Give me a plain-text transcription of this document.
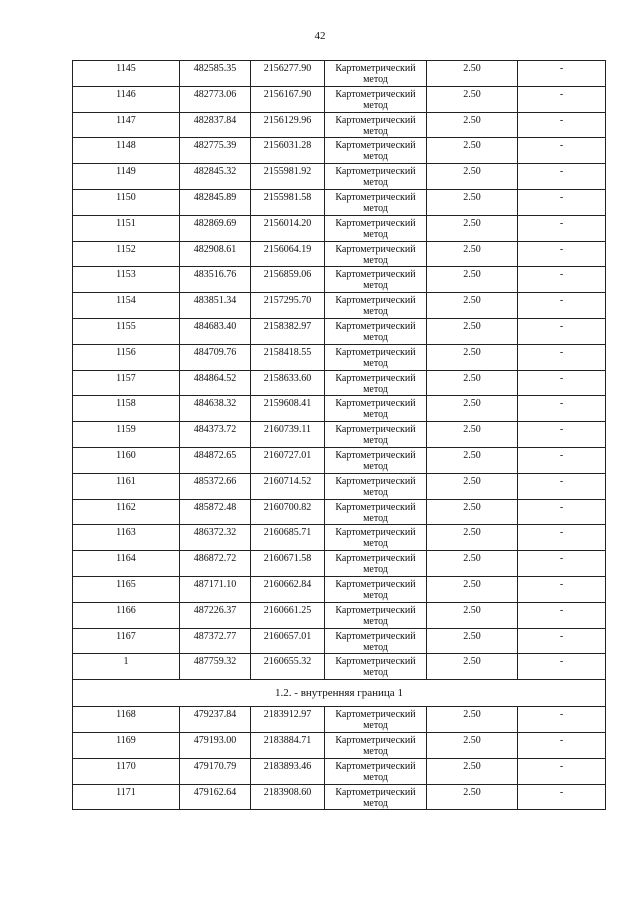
42
1145	482585.35	2156277.90	Картометрический метод	2.50	-
1146	482773.06	2156167.90	Картометрический метод	2.50	-
1147	482837.84	2156129.96	Картометрический метод	2.50	-
1148	482775.39	2156031.28	Картометрический метод	2.50	-
1149	482845.32	2155981.92	Картометрический метод	2.50	-
1150	482845.89	2155981.58	Картометрический метод	2.50	-
1151	482869.69	2156014.20	Картометрический метод	2.50	-
1152	482908.61	2156064.19	Картометрический метод	2.50	-
1153	483516.76	2156859.06	Картометрический метод	2.50	-
1154	483851.34	2157295.70	Картометрический метод	2.50	-
1155	484683.40	2158382.97	Картометрический метод	2.50	-
1156	484709.76	2158418.55	Картометрический метод	2.50	-
1157	484864.52	2158633.60	Картометрический метод	2.50	-
1158	484638.32	2159608.41	Картометрический метод	2.50	-
1159	484373.72	2160739.11	Картометрический метод	2.50	-
1160	484872.65	2160727.01	Картометрический метод	2.50	-
1161	485372.66	2160714.52	Картометрический метод	2.50	-
1162	485872.48	2160700.82	Картометрический метод	2.50	-
1163	486372.32	2160685.71	Картометрический метод	2.50	-
1164	486872.72	2160671.58	Картометрический метод	2.50	-
1165	487171.10	2160662.84	Картометрический метод	2.50	-
1166	487226.37	2160661.25	Картометрический метод	2.50	-
1167	487372.77	2160657.01	Картометрический метод	2.50	-
1	487759.32	2160655.32	Картометрический метод	2.50	-
1.2. - внутренняя граница 1					
1168	479237.84	2183912.97	Картометрический метод	2.50	-
1169	479193.00	2183884.71	Картометрический метод	2.50	-
1170	479170.79	2183893.46	Картометрический метод	2.50	-
1171	479162.64	2183908.60	Картометрический метод	2.50	-
